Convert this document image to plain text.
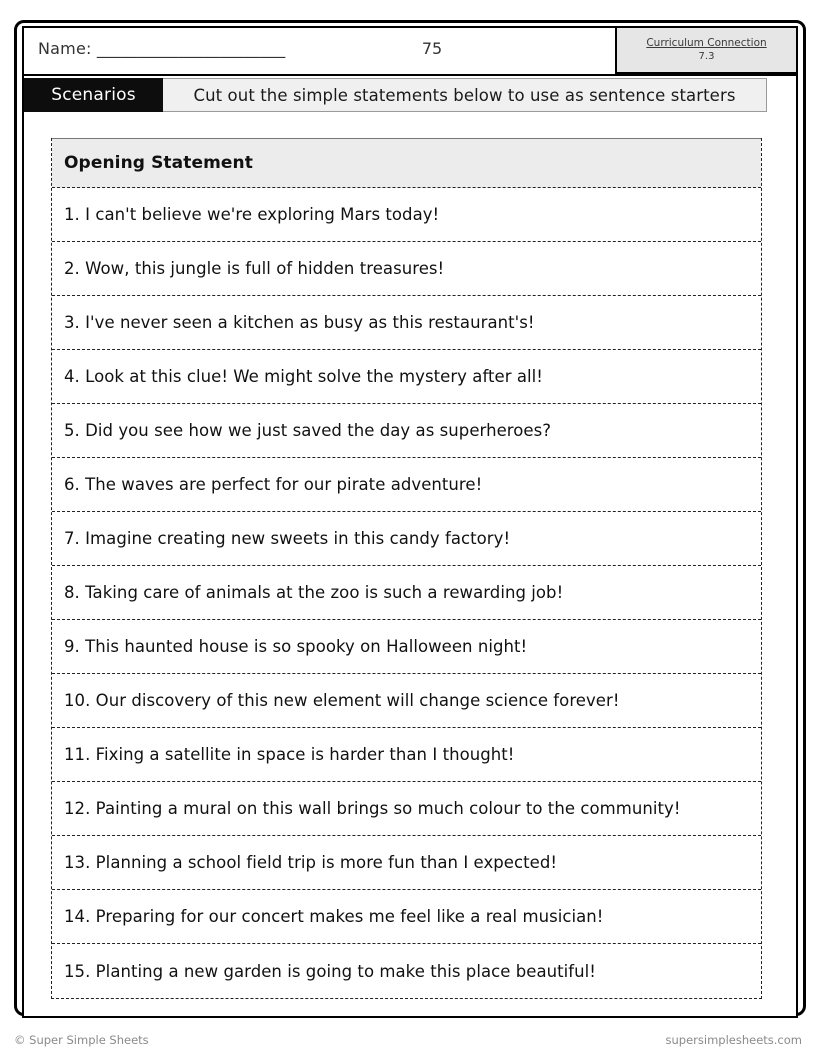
Name: _______________________	75	Curriculum Connection
7.3
Scenarios	Cut out the simple statements below to use as sentence starters
Opening Statement
1. I can't believe we're exploring Mars today!
2. Wow, this jungle is full of hidden treasures!
3. I've never seen a kitchen as busy as this restaurant's!
4. Look at this clue! We might solve the mystery after all!
5. Did you see how we just saved the day as superheroes?
6. The waves are perfect for our pirate adventure!
7. Imagine creating new sweets in this candy factory!
8. Taking care of animals at the zoo is such a rewarding job!
9. This haunted house is so spooky on Halloween night!
10. Our discovery of this new element will change science forever!
11. Fixing a satellite in space is harder than I thought!
12. Painting a mural on this wall brings so much colour to the community!
13. Planning a school field trip is more fun than I expected!
14. Preparing for our concert makes me feel like a real musician!
15. Planting a new garden is going to make this place beautiful!
© Super Simple Sheets	supersimplesheets.com
